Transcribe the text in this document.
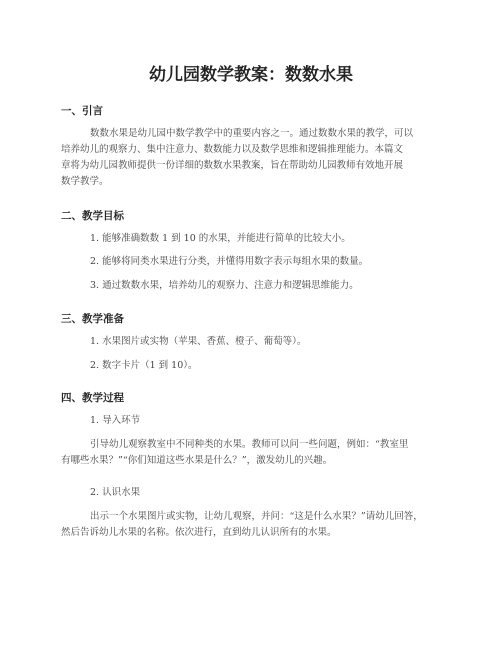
幼儿园数学教案：数数水果
一、引言

数数水果是幼儿园中数学教学中的重要内容之一。通过数数水果的教学，可以

培养幼儿的观察力、集中注意力、数数能力以及数学思维和逻辑推理能力。本篇文

章将为幼儿园教师提供一份详细的数数水果教案，旨在帮助幼儿园教师有效地开展

数学教学。

二、教学目标

1. 能够准确数数 1 到 10 的水果，并能进行简单的比较大小。

2. 能够将同类水果进行分类，并懂得用数字表示每组水果的数量。

3. 通过数数水果，培养幼儿的观察力、注意力和逻辑思维能力。

三、教学准备

1. 水果图片或实物（苹果、香蕉、橙子、葡萄等）。

2. 数字卡片（1 到 10）。

四、教学过程

1. 导入环节

引导幼儿观察教室中不同种类的水果。教师可以问一些问题，例如：“教室里

有哪些水果？”“你们知道这些水果是什么？”，激发幼儿的兴趣。

2. 认识水果

出示一个水果图片或实物，让幼儿观察，并问：“这是什么水果？”请幼儿回答，

然后告诉幼儿水果的名称。依次进行，直到幼儿认识所有的水果。
